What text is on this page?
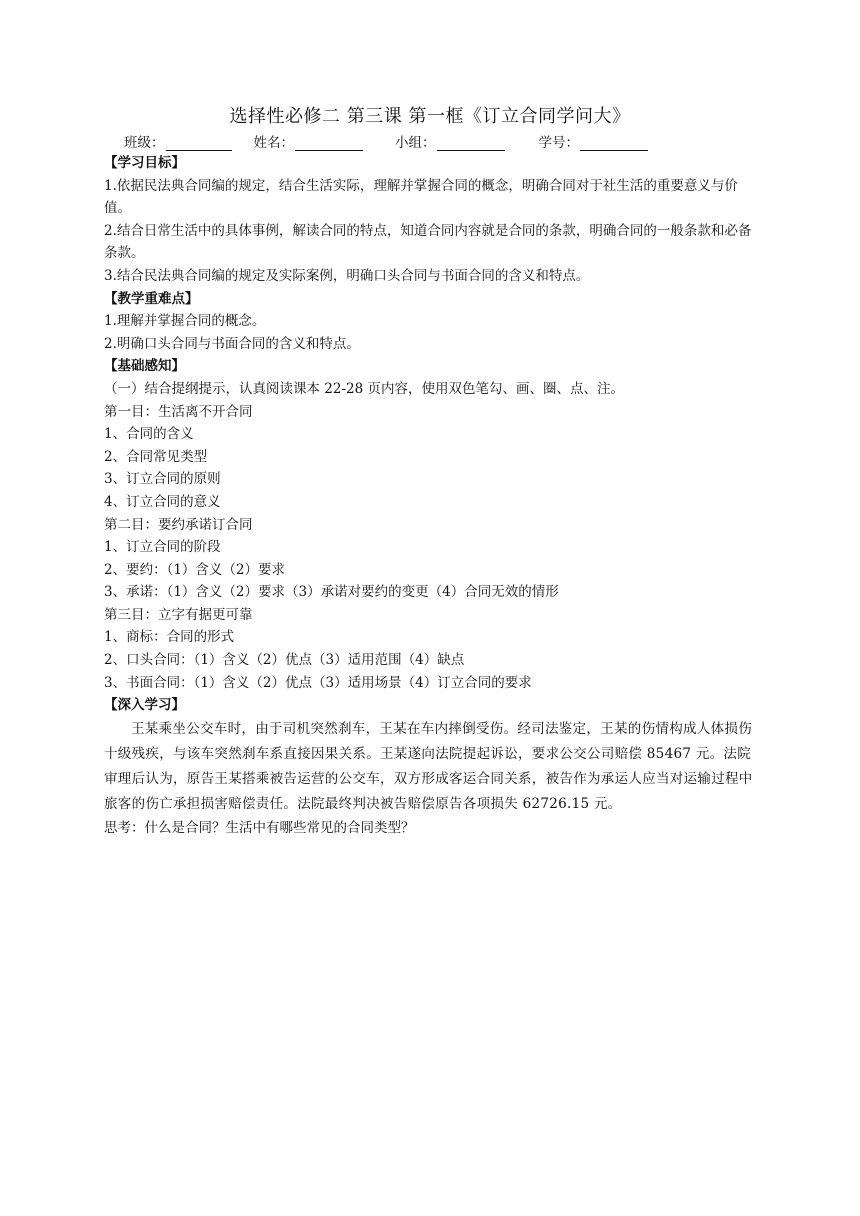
选择性必修二 第三课 第一框《订立合同学问大》
班级：	姓名：	小组：	学号：

【学习目标】

1.依据民法典合同编的规定，结合生活实际，理解并掌握合同的概念，明确合同对于社生活的重要意义与价值。

2.结合日常生活中的具体事例，解读合同的特点，知道合同内容就是合同的条款，明确合同的一般条款和必备条款。

3.结合民法典合同编的规定及实际案例，明确口头合同与书面合同的含义和特点。

【教学重难点】

1.理解并掌握合同的概念。

2.明确口头合同与书面合同的含义和特点。

【基础感知】

（一）结合提纲提示，认真阅读课本 22-28 页内容，使用双色笔勾、画、圈、点、注。

第一目：生活离不开合同

1、合同的含义

2、合同常见类型

3、订立合同的原则

4、订立合同的意义

第二目：要约承诺订合同

1、订立合同的阶段

2、要约：（1）含义（2）要求

3、承诺：（1）含义（2）要求（3）承诺对要约的变更（4）合同无效的情形

第三目：立字有据更可靠

1、商标：合同的形式

2、口头合同：（1）含义（2）优点（3）适用范围（4）缺点

3、书面合同：（1）含义（2）优点（3）适用场景（4）订立合同的要求

【深入学习】

王某乘坐公交车时，由于司机突然刹车，王某在车内摔倒受伤。经司法鉴定，王某的伤情构成人体损伤十级残疾，与该车突然刹车系直接因果关系。王某遂向法院提起诉讼，要求公交公司赔偿 85467 元。法院审理后认为，原告王某搭乘被告运营的公交车，双方形成客运合同关系，被告作为承运人应当对运输过程中旅客的伤亡承担损害赔偿责任。法院最终判决被告赔偿原告各项损失 62726.15 元。

思考：什么是合同？生活中有哪些常见的合同类型？
